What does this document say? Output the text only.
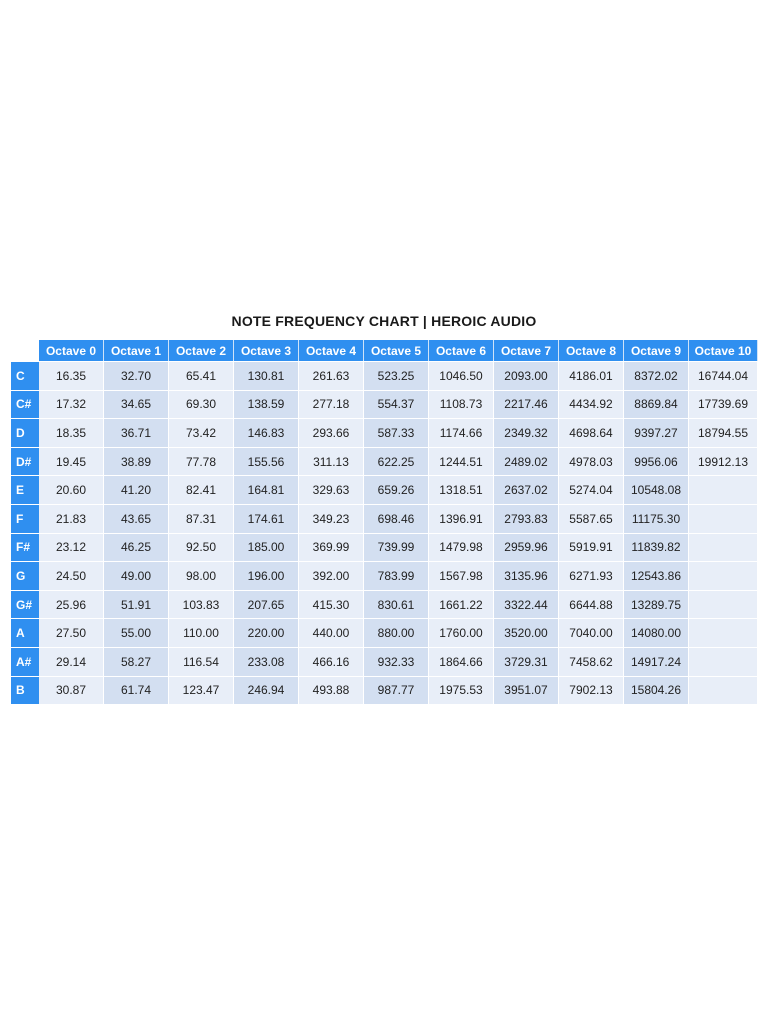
NOTE FREQUENCY CHART | HEROIC AUDIO
Octave 0	Octave 1	Octave 2	Octave 3	Octave 4	Octave 5	Octave 6	Octave 7	Octave 8	Octave 9	Octave 10
C	16.35	32.70	65.41	130.81	261.63	523.25	1046.50	2093.00	4186.01	8372.02	16744.04
C#	17.32	34.65	69.30	138.59	277.18	554.37	1108.73	2217.46	4434.92	8869.84	17739.69
D	18.35	36.71	73.42	146.83	293.66	587.33	1174.66	2349.32	4698.64	9397.27	18794.55
D#	19.45	38.89	77.78	155.56	311.13	622.25	1244.51	2489.02	4978.03	9956.06	19912.13
E	20.60	41.20	82.41	164.81	329.63	659.26	1318.51	2637.02	5274.04	10548.08
F	21.83	43.65	87.31	174.61	349.23	698.46	1396.91	2793.83	5587.65	11175.30
F#	23.12	46.25	92.50	185.00	369.99	739.99	1479.98	2959.96	5919.91	11839.82
G	24.50	49.00	98.00	196.00	392.00	783.99	1567.98	3135.96	6271.93	12543.86
G#	25.96	51.91	103.83	207.65	415.30	830.61	1661.22	3322.44	6644.88	13289.75
A	27.50	55.00	110.00	220.00	440.00	880.00	1760.00	3520.00	7040.00	14080.00
A#	29.14	58.27	116.54	233.08	466.16	932.33	1864.66	3729.31	7458.62	14917.24
B	30.87	61.74	123.47	246.94	493.88	987.77	1975.53	3951.07	7902.13	15804.26
